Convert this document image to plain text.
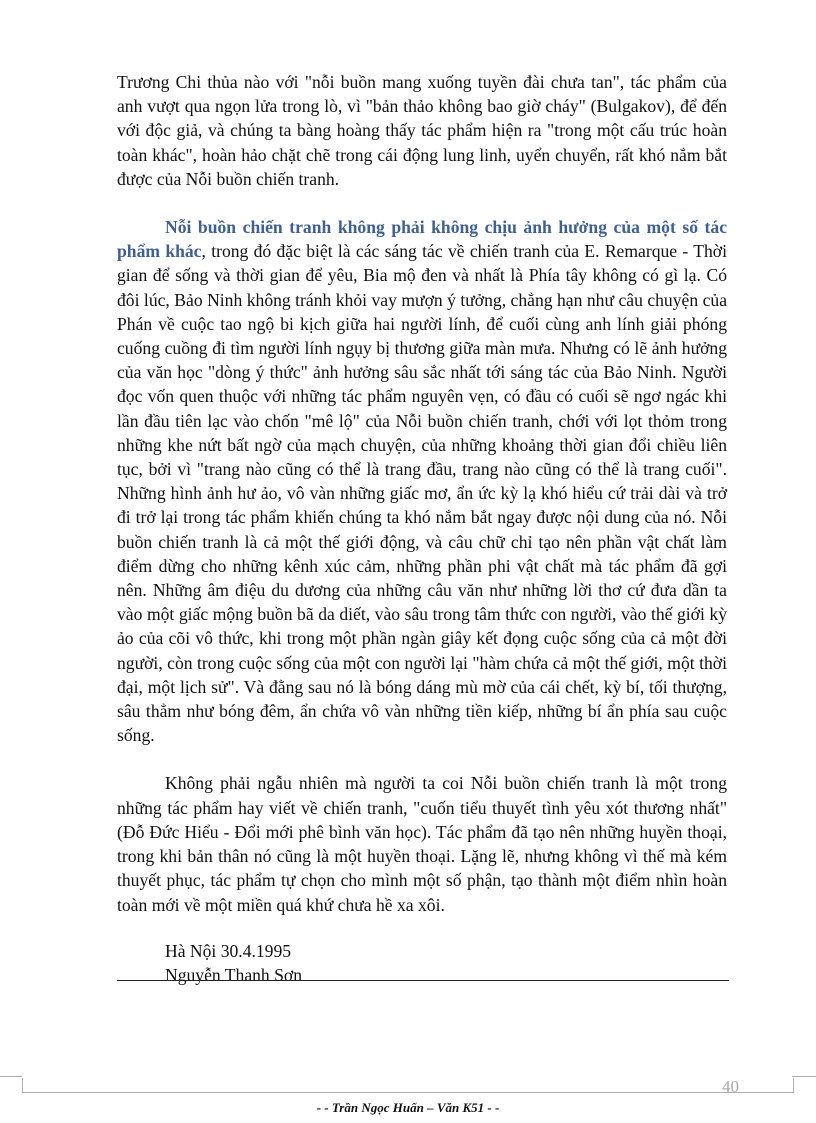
Trương Chi thủa nào với "nỗi buồn mang xuống tuyền đài chưa tan", tác phẩm của anh vượt qua ngọn lửa trong lò, vì "bản thảo không bao giờ cháy" (Bulgakov), để đến với độc giả, và chúng ta bàng hoàng thấy tác phẩm hiện ra "trong một cấu trúc hoàn toàn khác", hoàn hảo chặt chẽ trong cái động lung linh, uyển chuyển, rất khó nắm bắt được của Nỗi buồn chiến tranh.

Nỗi buồn chiến tranh không phải không chịu ảnh hưởng của một số tác phẩm khác, trong đó đặc biệt là các sáng tác về chiến tranh của E. Remarque - Thời gian để sống và thời gian để yêu, Bia mộ đen và nhất là Phía tây không có gì lạ. Có đôi lúc, Bảo Ninh không tránh khỏi vay mượn ý tưởng, chẳng hạn như câu chuyện của Phán về cuộc tao ngộ bi kịch giữa hai người lính, để cuối cùng anh lính giải phóng cuống cuồng đi tìm người lính ngụy bị thương giữa màn mưa. Nhưng có lẽ ảnh hưởng của văn học "dòng ý thức" ảnh hưởng sâu sắc nhất tới sáng tác của Bảo Ninh. Người đọc vốn quen thuộc với những tác phẩm nguyên vẹn, có đầu có cuối sẽ ngơ ngác khi lần đầu tiên lạc vào chốn "mê lộ" của Nỗi buồn chiến tranh, chới với lọt thỏm trong những khe nứt bất ngờ của mạch chuyện, của những khoảng thời gian đổi chiều liên tục, bởi vì "trang nào cũng có thể là trang đầu, trang nào cũng có thể là trang cuối". Những hình ảnh hư ảo, vô vàn những giấc mơ, ẩn ức kỳ lạ khó hiểu cứ trải dài và trở đi trở lại trong tác phẩm khiến chúng ta khó nắm bắt ngay được nội dung của nó. Nỗi buồn chiến tranh là cả một thế giới động, và câu chữ chỉ tạo nên phần vật chất làm điểm dừng cho những kênh xúc cảm, những phần phi vật chất mà tác phẩm đã gợi nên. Những âm điệu du dương của những câu văn như những lời thơ cứ đưa dần ta vào một giấc mộng buồn bã da diết, vào sâu trong tâm thức con người, vào thế giới kỳ ảo của cõi vô thức, khi trong một phần ngàn giây kết đọng cuộc sống của cả một đời người, còn trong cuộc sống của một con người lại "hàm chứa cả một thế giới, một thời đại, một lịch sử". Và đằng sau nó là bóng dáng mù mờ của cái chết, kỳ bí, tối thượng, sâu thẳm như bóng đêm, ẩn chứa vô vàn những tiền kiếp, những bí ẩn phía sau cuộc sống.

Không phải ngẫu nhiên mà người ta coi Nỗi buồn chiến tranh là một trong những tác phẩm hay viết về chiến tranh, "cuốn tiểu thuyết tình yêu xót thương nhất" (Đỗ Đức Hiểu - Đổi mới phê bình văn học). Tác phẩm đã tạo nên những huyền thoại, trong khi bản thân nó cũng là một huyền thoại. Lặng lẽ, nhưng không vì thế mà kém thuyết phục, tác phẩm tự chọn cho mình một số phận, tạo thành một điểm nhìn hoàn toàn mới về một miền quá khứ chưa hề xa xôi.

Hà Nội 30.4.1995
Nguyễn Thanh Sơn
40
- - Trần Ngọc Huấn – Văn K51 - -
